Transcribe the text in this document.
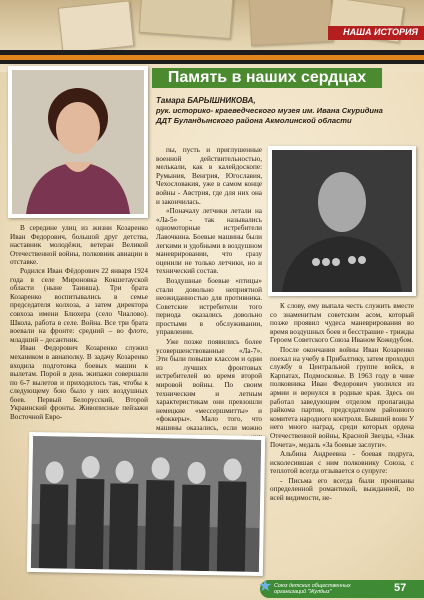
НАША ИСТОРИЯ
Память в наших сердцах
Тамара БАРЫШНИКОВА,
рук. историко- краеведческого музея им. Ивана Скуридина ДДТ Буландынского района Акмолинской области

В середине улиц из жизни Козаренко Иван Федорович, большой друг детства, наставник молодёжи, ветеран Великой Отечественной войны, полковник авиации в отставке.

Родился Иван Фёдорович 22 января 1924 года в селе Мироновка Кокшетауской области (ныне Таинша). Три брата Козаренко воспитывались в семье председателя колхоза, а затем директора совхоза имени Блюхера (село Чиалово). Школа, работа в селе. Война. Все три брата воевали на фронте: средний – во флоте, младший – десантник.

Иван Федорович Козаренко служил механиком в авиаполку. В задачу Козаренко входила подготовка боевых машин к вылетам. Порой в день экипажи совершали по 6-7 вылетов и приходилось так, чтобы к следующему бою было у них воздушных боев. Первый Белорусский, Второй Украинский фронты. Живописные пейзажи Восточной Евро-

пы, пусть и приглушенные военной действительностью, мелькали, как в калейдоскопе: Румыния, Венгрия, Югославия, Чехословакия, уже в самом конце войны - Австрия, где для них она и закончилась.

«Поначалу летчики летали на «Ла-5» - так назывались одномоторные истребители Лавочкина. Боевые машины были легкими и удобными в воздушном маневрировании, что сразу оценили не только летчики, но и технический состав.

Воздушные боевые «птицы» стали довольно неприятной неожиданностью для противника. Советские истребители того периода оказались довольно простыми в обслуживании, управлении.

Уже позже появились более усовершенствованные «Ла-7». Эти были повыше классом и одни из лучших фронтовых истребителей во время второй мировой войны. По своим техническим и летным характеристикам они превзошли немецкие «мессершмитты» и «фоккеры». Мало того, что машины оказались, если можно

К слову, ему выпала честь служить вместе со знаменитым советским асом, который позже проявил чудеса маневрирования во время воздушных боев и бесстрашие - трижды Героем Советского Союза Иваном Кожедубом.

После окончания войны Иван Козаренко поехал на учебу в Прибалтику, затем проходил службу в Центральной группе войск, в Карпатах, Подмосковье. В 1963 году в чине полковника Иван Федорович уволился из армии и вернулся в родные края. Здесь он работал заведующим отделом пропаганды райкома партии, председателем районного комитета народного контроля. Бывший воин У него много наград, среди которых ордена Отечественной войны, Красной Звезды, «Знак Почета», медаль «За боевые заслуги».

Альбина Андреевна - боевая подруга, исколесившая с ним полковнику Союза, с теплотой всегда отзывается о супруге:

- Письма его всегда были пронизаны определенной романтикой, выжданной, по всей видимости, не-

★ Союз детских общественных организаций "Жулдыз"	57
